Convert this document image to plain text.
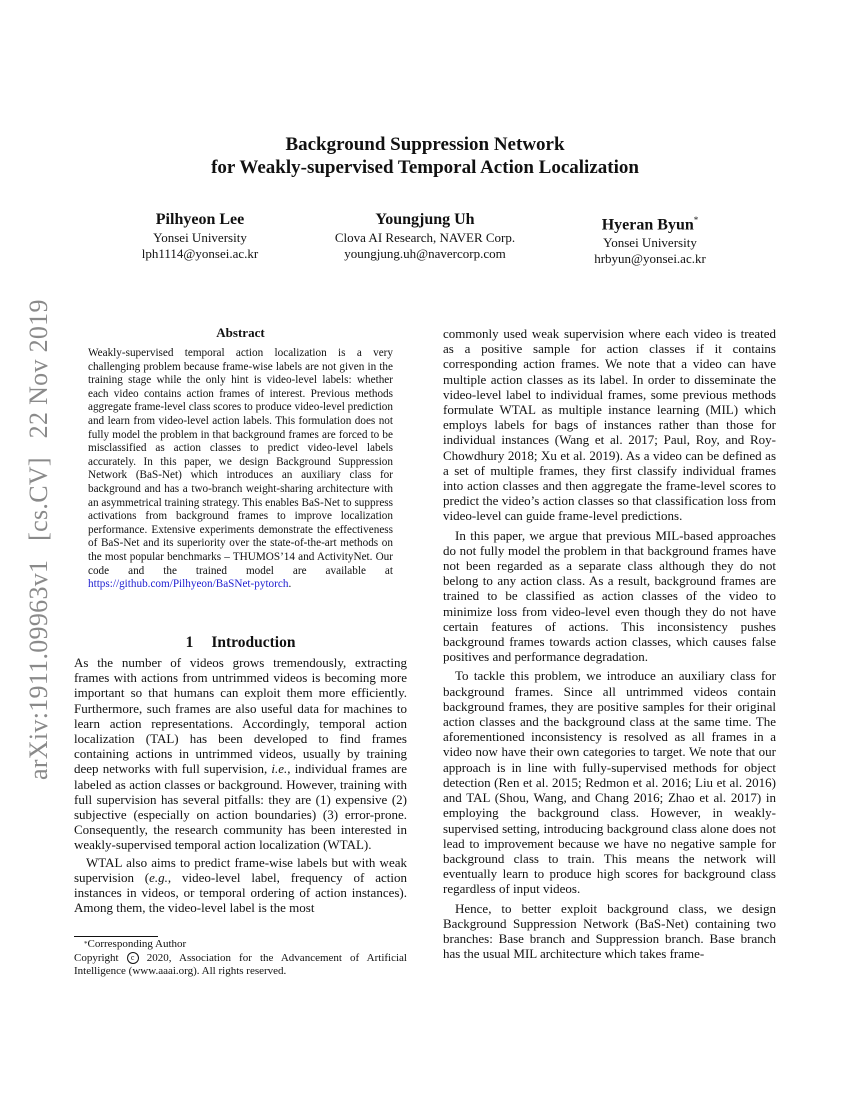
arXiv:1911.09963v1 [cs.CV] 22 Nov 2019
Background Suppression Network
for Weakly-supervised Temporal Action Localization
Pilhyeon Lee
Yonsei University
lph1114@yonsei.ac.kr
Youngjung Uh
Clova AI Research, NAVER Corp.
youngjung.uh@navercorp.com
Hyeran Byun*
Yonsei University
hrbyun@yonsei.ac.kr
Abstract
Weakly-supervised temporal action localization is a very challenging problem because frame-wise labels are not given in the training stage while the only hint is video-level labels: whether each video contains action frames of interest. Previous methods aggregate frame-level class scores to produce video-level prediction and learn from video-level action labels. This formulation does not fully model the problem in that background frames are forced to be misclassified as action classes to predict video-level labels accurately. In this paper, we design Background Suppression Network (BaS-Net) which introduces an auxiliary class for background and has a two-branch weight-sharing architecture with an asymmetrical training strategy. This enables BaS-Net to suppress activations from background frames to improve localization performance. Extensive experiments demonstrate the effectiveness of BaS-Net and its superiority over the state-of-the-art methods on the most popular benchmarks – THUMOS’14 and ActivityNet. Our code and the trained model are available at https://github.com/Pilhyeon/BaSNet-pytorch.
1 Introduction

As the number of videos grows tremendously, extracting frames with actions from untrimmed videos is becoming more important so that humans can exploit them more efficiently. Furthermore, such frames are also useful data for machines to learn action representations. Accordingly, temporal action localization (TAL) has been developed to find frames containing actions in untrimmed videos, usually by training deep networks with full supervision, i.e., individual frames are labeled as action classes or background. However, training with full supervision has several pitfalls: they are (1) expensive (2) subjective (especially on action boundaries) (3) error-prone. Consequently, the research community has been interested in weakly-supervised temporal action localization (WTAL).

WTAL also aims to predict frame-wise labels but with weak supervision (e.g., video-level label, frequency of action instances in videos, or temporal ordering of action instances). Among them, the video-level label is the most

*Corresponding Author
Copyright c 2020, Association for the Advancement of Artificial Intelligence (www.aaai.org). All rights reserved.

commonly used weak supervision where each video is treated as a positive sample for action classes if it contains corresponding action frames. We note that a video can have multiple action classes as its label. In order to disseminate the video-level label to individual frames, some previous methods formulate WTAL as multiple instance learning (MIL) which employs labels for bags of instances rather than those for individual instances (Wang et al. 2017; Paul, Roy, and Roy-Chowdhury 2018; Xu et al. 2019). As a video can be defined as a set of multiple frames, they first classify individual frames into action classes and then aggregate the frame-level scores to predict the video’s action classes so that classification loss from video-level can guide frame-level predictions.

In this paper, we argue that previous MIL-based approaches do not fully model the problem in that background frames have not been regarded as a separate class although they do not belong to any action class. As a result, background frames are trained to be classified as action classes of the video to minimize loss from video-level even though they do not have certain features of actions. This inconsistency pushes background frames towards action classes, which causes false positives and performance degradation.

To tackle this problem, we introduce an auxiliary class for background frames. Since all untrimmed videos contain background frames, they are positive samples for their original action classes and the background class at the same time. The aforementioned inconsistency is resolved as all frames in a video now have their own categories to target. We note that our approach is in line with fully-supervised methods for object detection (Ren et al. 2015; Redmon et al. 2016; Liu et al. 2016) and TAL (Shou, Wang, and Chang 2016; Zhao et al. 2017) in employing the background class. However, in weakly-supervised setting, introducing background class alone does not lead to improvement because we have no negative sample for background class to train. This means the network will eventually learn to produce high scores for background class regardless of input videos.

Hence, to better exploit background class, we design Background Suppression Network (BaS-Net) containing two branches: Base branch and Suppression branch. Base branch has the usual MIL architecture which takes frame-
